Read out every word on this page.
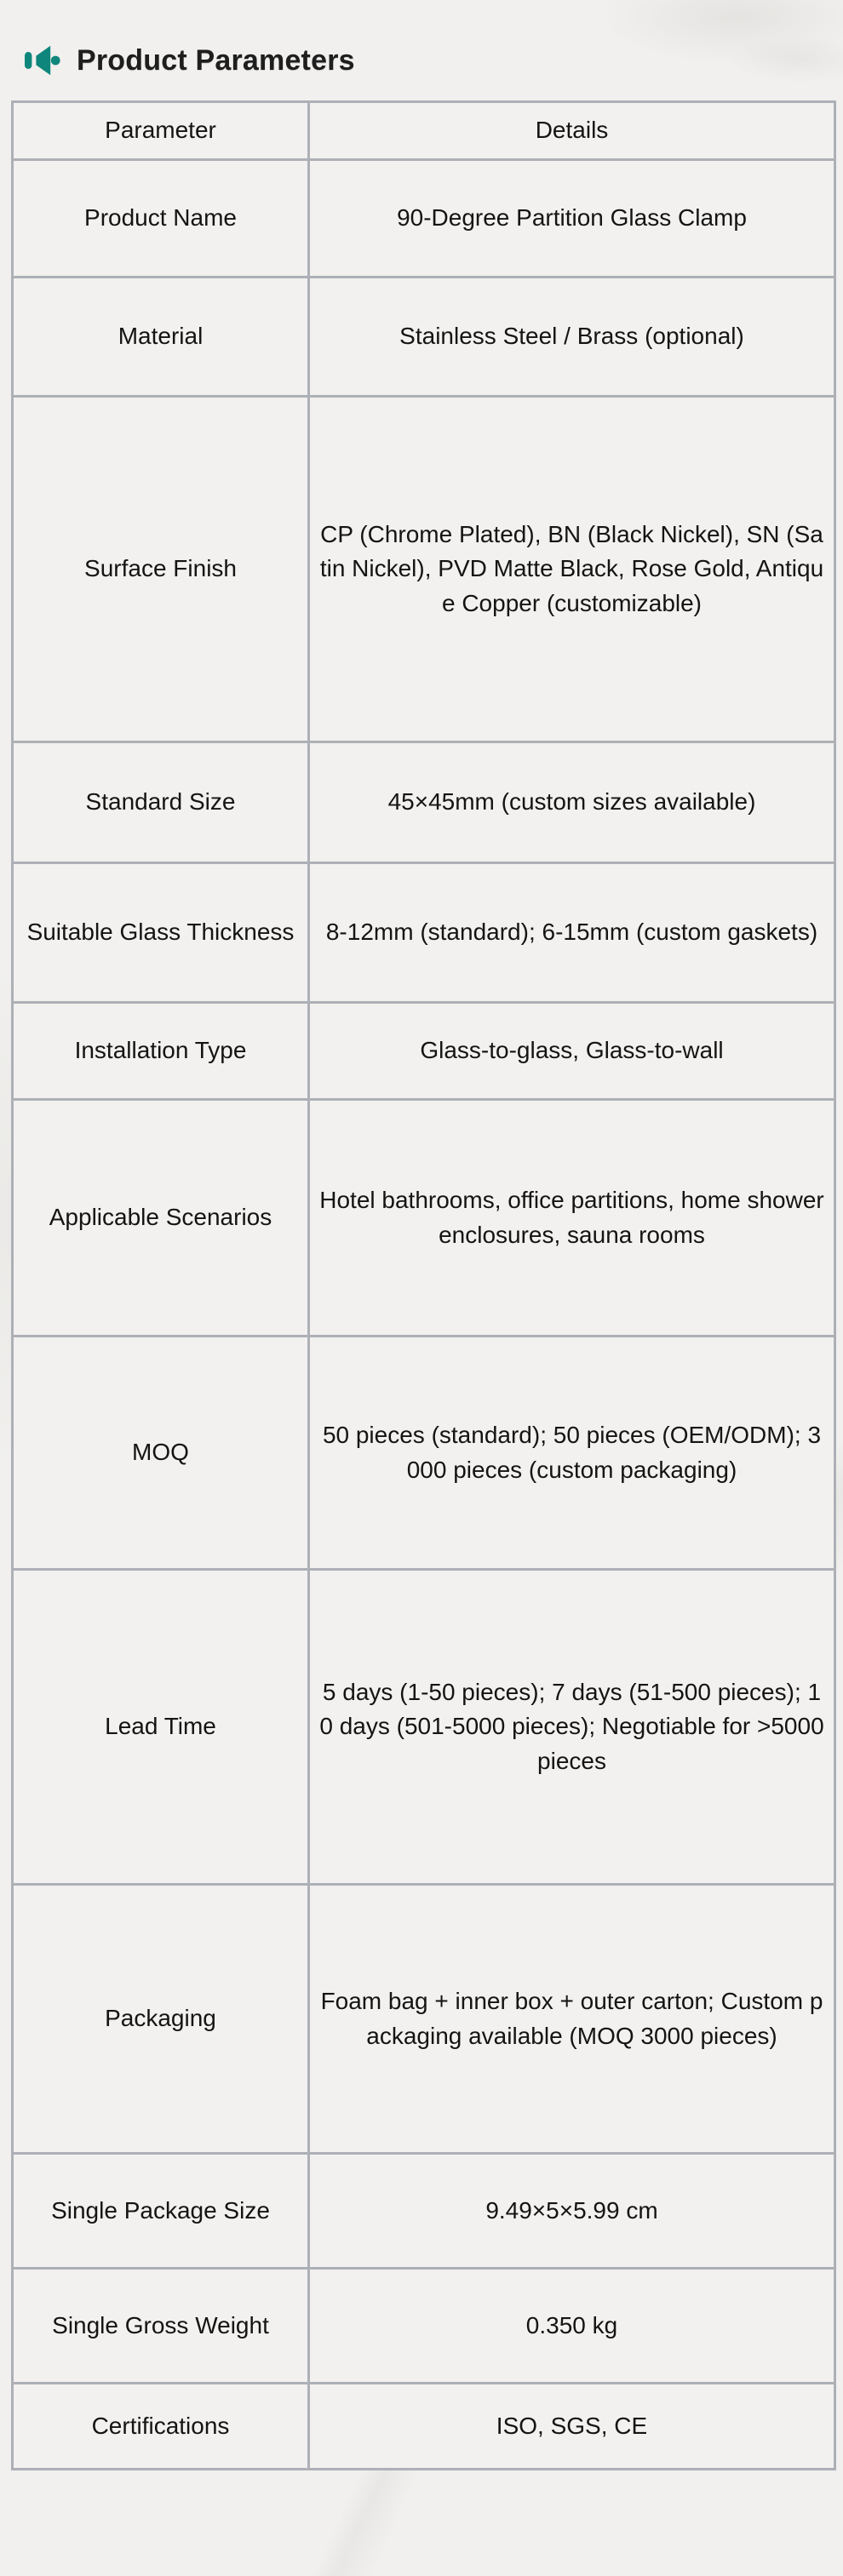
Product Parameters
Parameter	Details
Product Name	90-Degree Partition Glass Clamp
Material	Stainless Steel / Brass (optional)
Surface Finish	CP (Chrome Plated), BN (Black Nickel), SN (Satin Nickel), PVD Matte Black, Rose Gold, Antique Copper (customizable)
Standard Size	45×45mm (custom sizes available)
Suitable Glass Thickness	8-12mm (standard); 6-15mm (custom gaskets)
Installation Type	Glass-to-glass, Glass-to-wall
Applicable Scenarios	Hotel bathrooms, office partitions, home shower enclosures, sauna rooms
MOQ	50 pieces (standard); 50 pieces (OEM/ODM); 3000 pieces (custom packaging)
Lead Time	5 days (1-50 pieces); 7 days (51-500 pieces); 10 days (501-5000 pieces); Negotiable for >5000 pieces
Packaging	Foam bag + inner box + outer carton; Custom packaging available (MOQ 3000 pieces)
Single Package Size	9.49×5×5.99 cm
Single Gross Weight	0.350 kg
Certifications	ISO, SGS, CE
